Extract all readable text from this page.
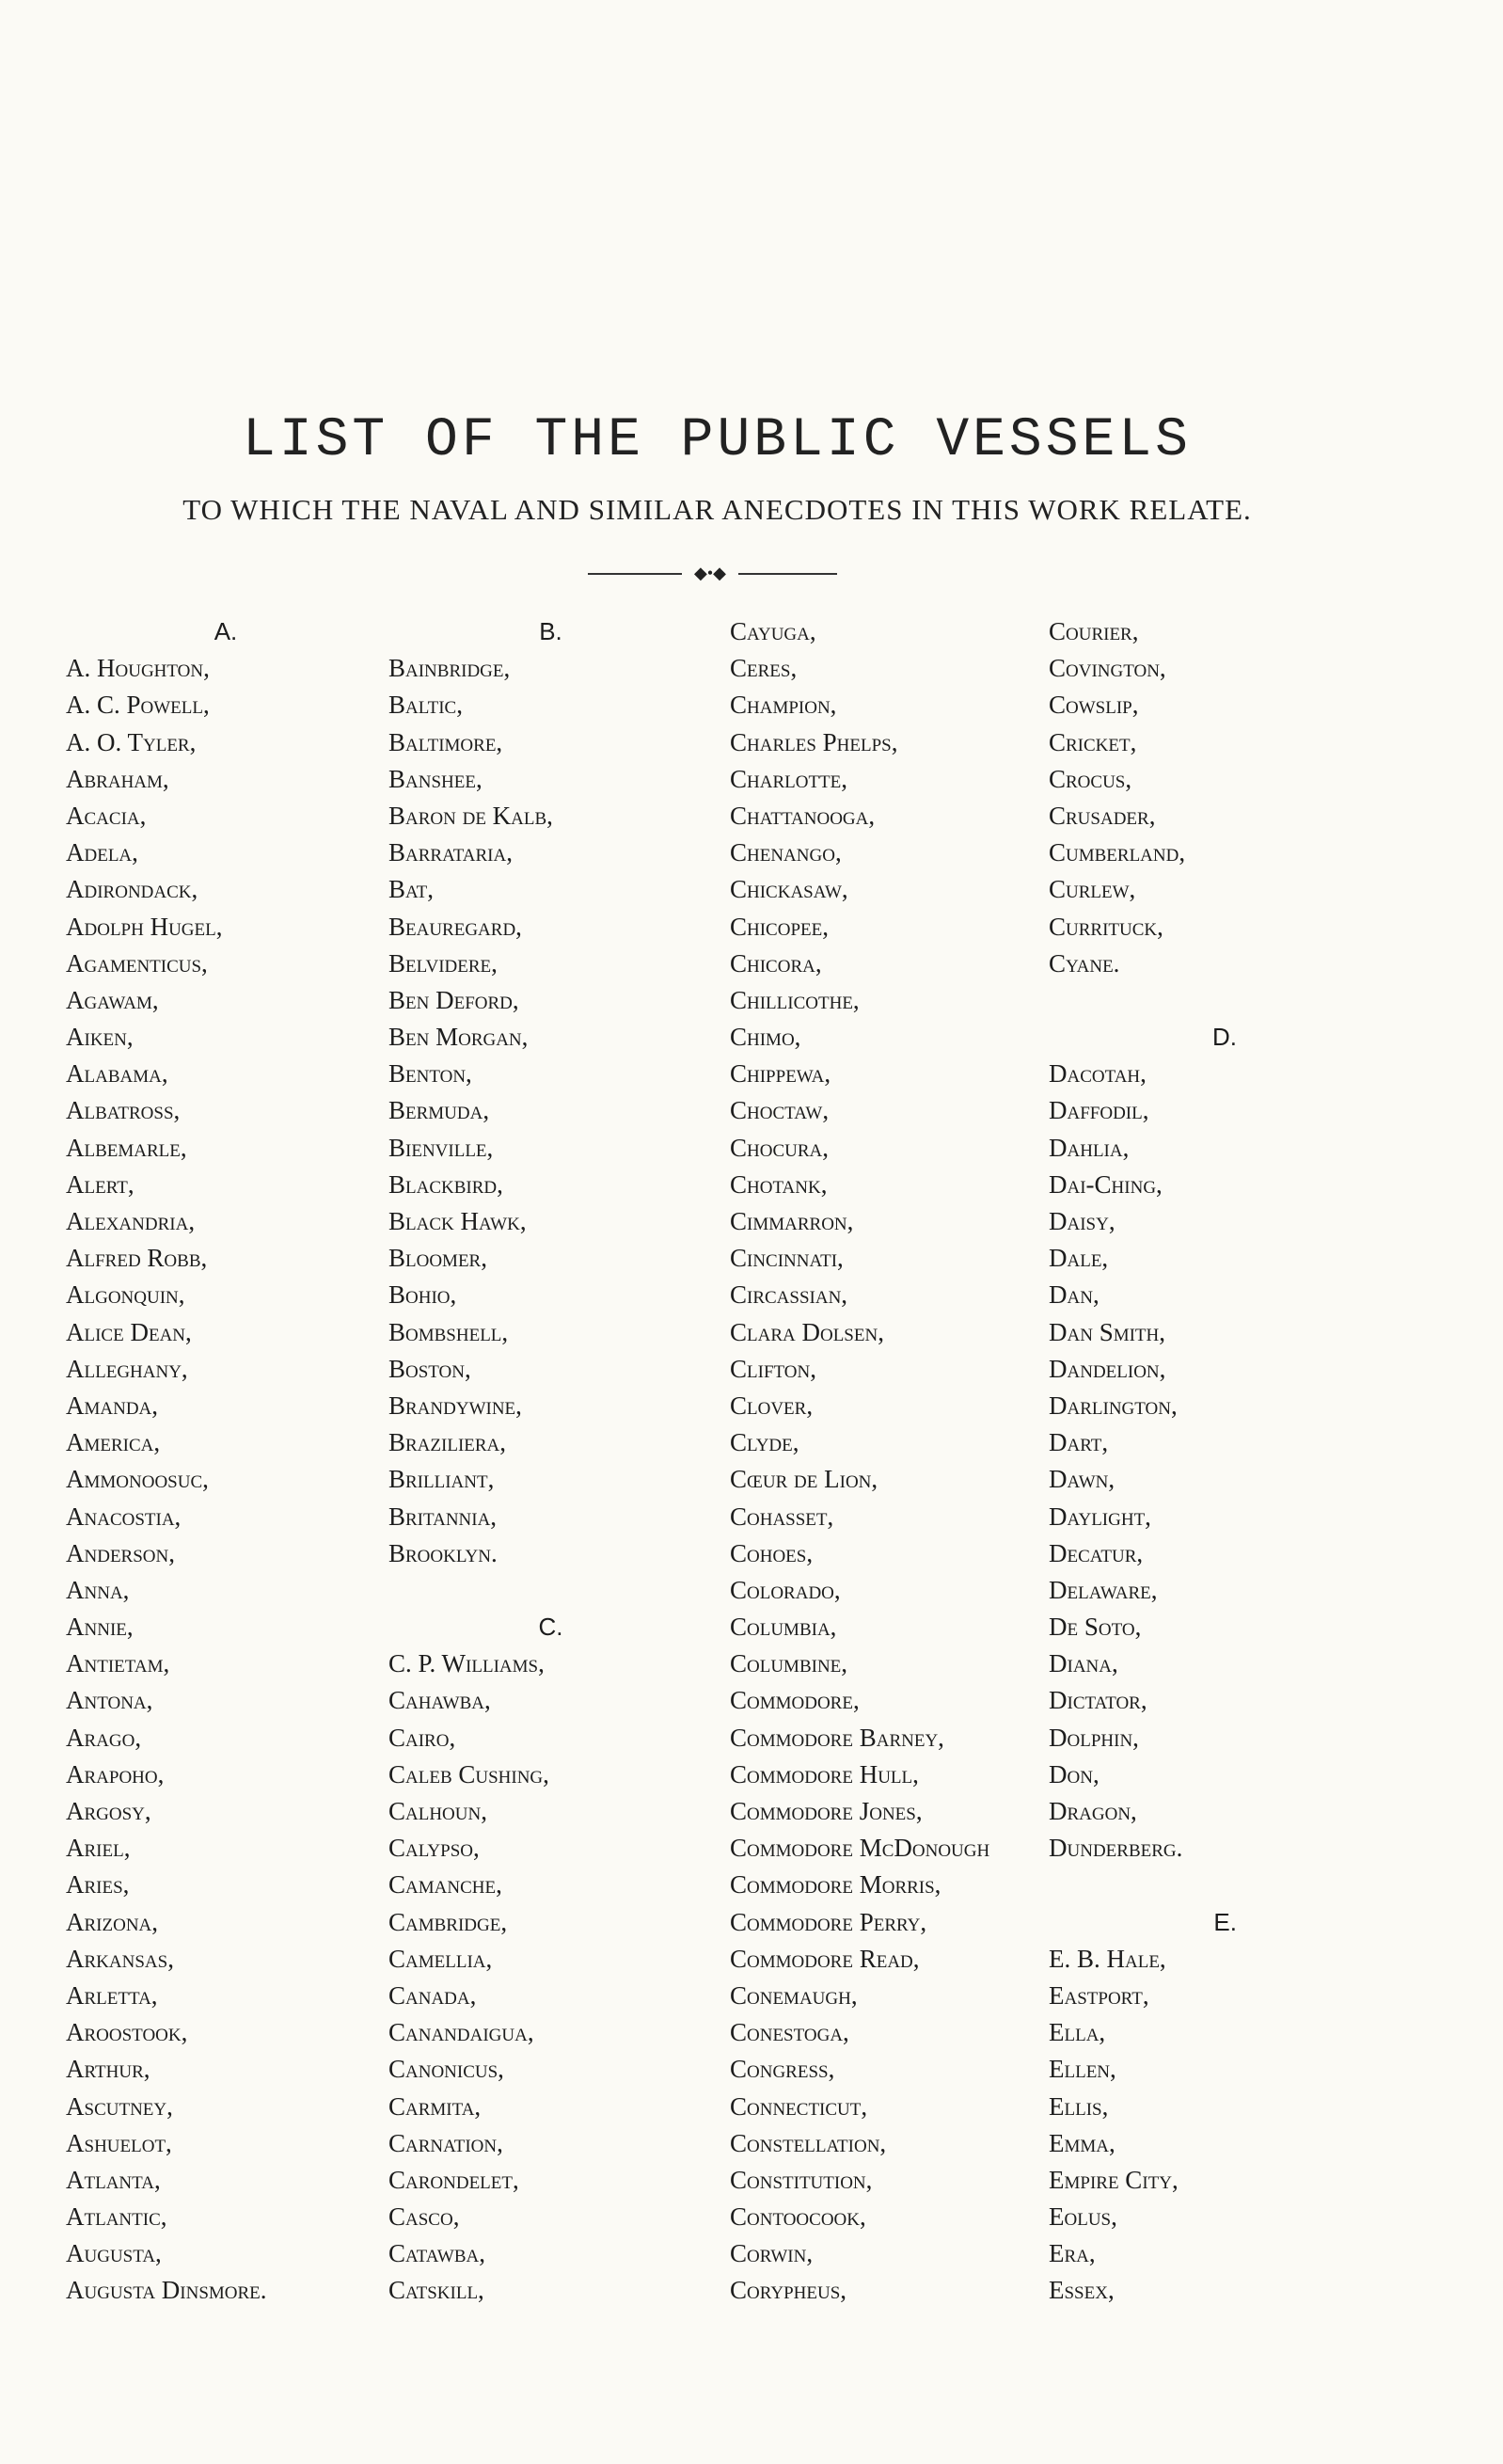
LIST OF THE PUBLIC VESSELS
TO WHICH THE NAVAL AND SIMILAR ANECDOTES IN THIS WORK RELATE.
◆•◆
A.
A. Houghton,
A. C. Powell,
A. O. Tyler,
Abraham,
Acacia,
Adela,
Adirondack,
Adolph Hugel,
Agamenticus,
Agawam,
Aiken,
Alabama,
Albatross,
Albemarle,
Alert,
Alexandria,
Alfred Robb,
Algonquin,
Alice Dean,
Alleghany,
Amanda,
America,
Ammonoosuc,
Anacostia,
Anderson,
Anna,
Annie,
Antietam,
Antona,
Arago,
Arapoho,
Argosy,
Ariel,
Aries,
Arizona,
Arkansas,
Arletta,
Aroostook,
Arthur,
Ascutney,
Ashuelot,
Atlanta,
Atlantic,
Augusta,
Augusta Dinsmore.
B.
Bainbridge,
Baltic,
Baltimore,
Banshee,
Baron de Kalb,
Barrataria,
Bat,
Beauregard,
Belvidere,
Ben Deford,
Ben Morgan,
Benton,
Bermuda,
Bienville,
Blackbird,
Black Hawk,
Bloomer,
Bohio,
Bombshell,
Boston,
Brandywine,
Braziliera,
Brilliant,
Britannia,
Brooklyn.
C.
C. P. Williams,
Cahawba,
Cairo,
Caleb Cushing,
Calhoun,
Calypso,
Camanche,
Cambridge,
Camellia,
Canada,
Canandaigua,
Canonicus,
Carmita,
Carnation,
Carondelet,
Casco,
Catawba,
Catskill,
Cayuga,
Ceres,
Champion,
Charles Phelps,
Charlotte,
Chattanooga,
Chenango,
Chickasaw,
Chicopee,
Chicora,
Chillicothe,
Chimo,
Chippewa,
Choctaw,
Chocura,
Chotank,
Cimmarron,
Cincinnati,
Circassian,
Clara Dolsen,
Clifton,
Clover,
Clyde,
Cœur de Lion,
Cohasset,
Cohoes,
Colorado,
Columbia,
Columbine,
Commodore,
Commodore Barney,
Commodore Hull,
Commodore Jones,
Commodore McDonough
Commodore Morris,
Commodore Perry,
Commodore Read,
Conemaugh,
Conestoga,
Congress,
Connecticut,
Constellation,
Constitution,
Contoocook,
Corwin,
Corypheus,
Courier,
Covington,
Cowslip,
Cricket,
Crocus,
Crusader,
Cumberland,
Curlew,
Currituck,
Cyane.
D.
Dacotah,
Daffodil,
Dahlia,
Dai-Ching,
Daisy,
Dale,
Dan,
Dan Smith,
Dandelion,
Darlington,
Dart,
Dawn,
Daylight,
Decatur,
Delaware,
De Soto,
Diana,
Dictator,
Dolphin,
Don,
Dragon,
Dunderberg.
E.
E. B. Hale,
Eastport,
Ella,
Ellen,
Ellis,
Emma,
Empire City,
Eolus,
Era,
Essex,
